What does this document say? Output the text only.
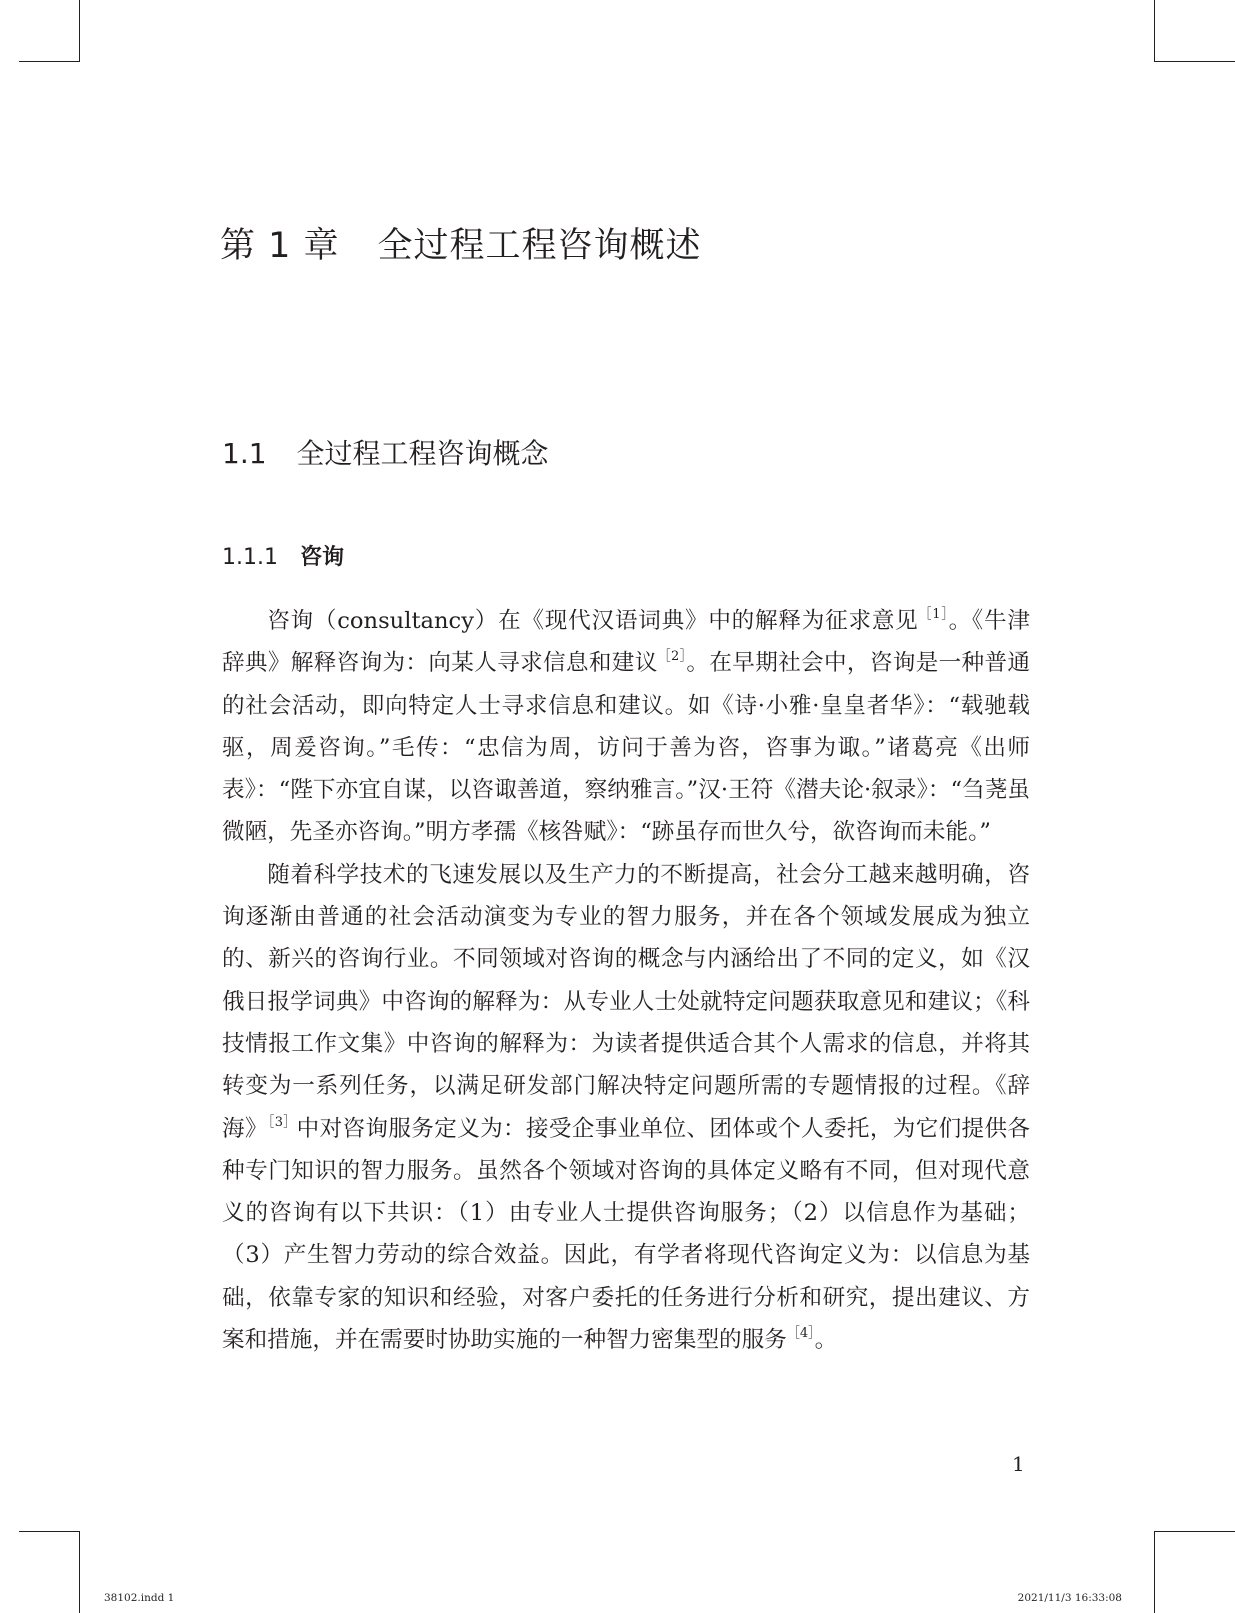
第 1 章 全过程工程咨询概述
1.1 全过程工程咨询概念
1.1.1 咨询

咨询（consultancy）在《现代汉语词典》中的解释为征求意见$^{[1]}$。《牛津辞典》解释咨询为：向某人寻求信息和建议$^{[2]}$。在早期社会中，咨询是一种普通的社会活动，即向特定人士寻求信息和建议。如《诗·小雅·皇皇者华》：“载驰载驱，周爰咨询。”毛传：“忠信为周，访问于善为咨，咨事为诹。”诸葛亮《出师表》：“陛下亦宜自谋，以咨诹善道，察纳雅言。”汉·王符《潜夫论·叙录》：“刍荛虽微陋，先圣亦咨询。”明方孝孺《核咎赋》：“跡虽存而世久兮，欲咨询而未能。”

随着科学技术的飞速发展以及生产力的不断提高，社会分工越来越明确，咨询逐渐由普通的社会活动演变为专业的智力服务，并在各个领域发展成为独立的、新兴的咨询行业。不同领域对咨询的概念与内涵给出了不同的定义，如《汉俄日报学词典》中咨询的解释为：从专业人士处就特定问题获取意见和建议；《科技情报工作文集》中咨询的解释为：为读者提供适合其个人需求的信息，并将其转变为一系列任务，以满足研发部门解决特定问题所需的专题情报的过程。《辞海》$^{[3]}$中对咨询服务定义为：接受企事业单位、团体或个人委托，为它们提供各种专门知识的智力服务。虽然各个领域对咨询的具体定义略有不同，但对现代意义的咨询有以下共识：（1）由专业人士提供咨询服务；（2）以信息作为基础；（3）产生智力劳动的综合效益。因此，有学者将现代咨询定义为：以信息为基础，依靠专家的知识和经验，对客户委托的任务进行分析和研究，提出建议、方案和措施，并在需要时协助实施的一种智力密集型的服务$^{[4]}$。

1
38102.indd 1	2021/11/3 16:33:08
